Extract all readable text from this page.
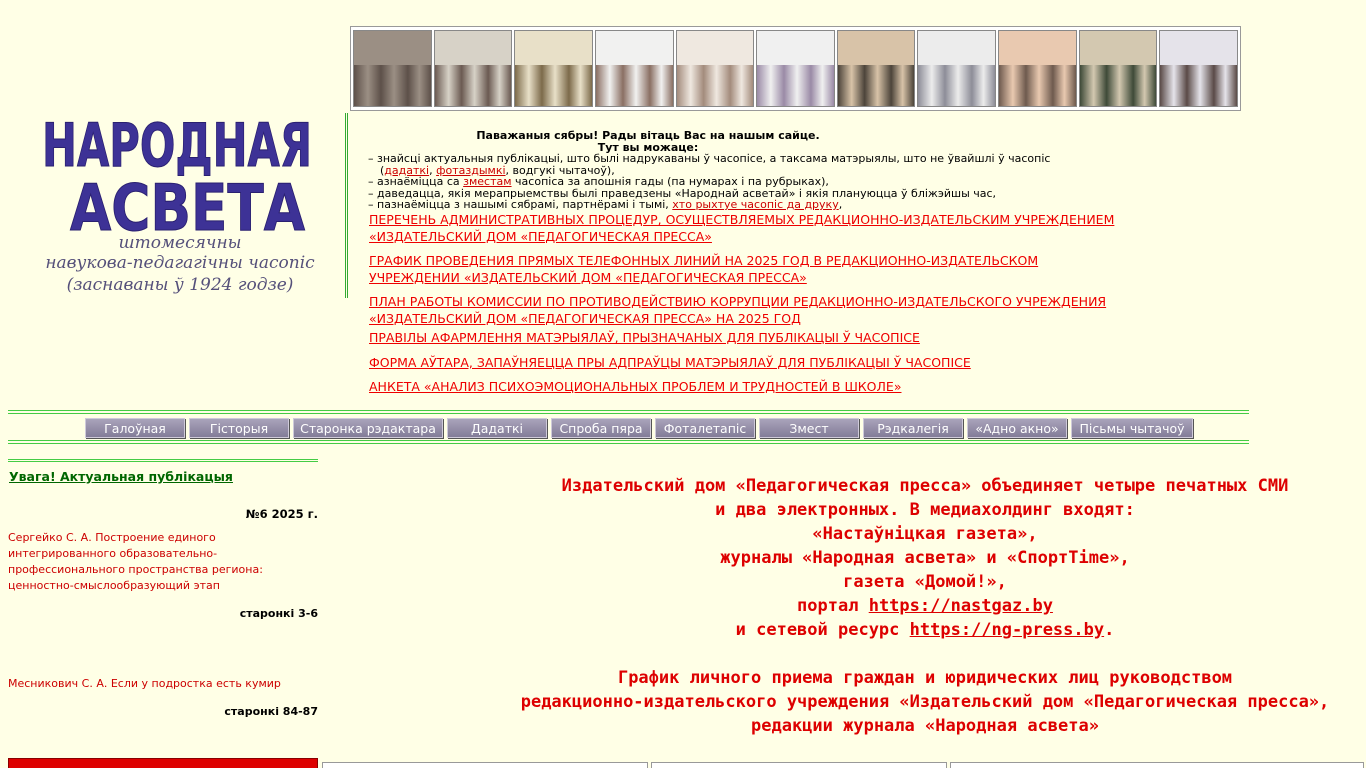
НАРОДНАЯ
АСВЕТА
штомесячны
навукова-педагагічны часопіс
(заснаваны ў 1924 годзе)
Паважаныя сябры! Рады вітаць Вас на нашым сайце. Тут вы можаце:
– знайсці актуальныя публікацыі, што былі надрукаваны ў часопісе, а таксама матэрыялы, што не ўвайшлі ў часопіс
(дадаткі, фотаздымкі, водгукі чытачоў),
– азнаёміцца са зместам часопіса за апошнія гады (па нумарах і па рубрыках),
– даведацца, якія мерапрыемствы былі праведзены «Народнай асветай» і якія плануюцца ў бліжэйшы час,
– пазнаёміцца з нашымі сябрамі, партнёрамі і тымі, хто рыхтуе часопіс да друку,
ПЕРЕЧЕНЬ АДМИНИСТРАТИВНЫХ ПРОЦЕДУР, ОСУЩЕСТВЛЯЕМЫХ РЕДАКЦИОННО-ИЗДАТЕЛЬСКИМ УЧРЕЖДЕНИЕМ «ИЗДАТЕЛЬСКИЙ ДОМ «ПЕДАГОГИЧЕСКАЯ ПРЕССА»
ГРАФИК ПРОВЕДЕНИЯ ПРЯМЫХ ТЕЛЕФОННЫХ ЛИНИЙ НА 2025 ГОД В РЕДАКЦИОННО-ИЗДАТЕЛЬСКОМ УЧРЕЖДЕНИИ «ИЗДАТЕЛЬСКИЙ ДОМ «ПЕДАГОГИЧЕСКАЯ ПРЕССА»
ПЛАН РАБОТЫ КОМИССИИ ПО ПРОТИВОДЕЙСТВИЮ КОРРУПЦИИ РЕДАКЦИОННО-ИЗДАТЕЛЬСКОГО УЧРЕЖДЕНИЯ «ИЗДАТЕЛЬСКИЙ ДОМ «ПЕДАГОГИЧЕСКАЯ ПРЕССА» НА 2025 ГОД
ПРАВІЛЫ АФАРМЛЕННЯ МАТЭРЫЯЛАЎ, ПРЫЗНАЧАНЫХ ДЛЯ ПУБЛІКАЦЫІ Ў ЧАСОПІСЕ
ФОРМА АЎТАРА, ЗАПАЎНЯЕЦЦА ПРЫ АДПРАЎЦЫ МАТЭРЫЯЛАЎ ДЛЯ ПУБЛІКАЦЫІ Ў ЧАСОПІСЕ
АНКЕТА «АНАЛИЗ ПСИХОЭМОЦИОНАЛЬНЫХ ПРОБЛЕМ И ТРУДНОСТЕЙ В ШКОЛЕ»
Галоўная	Гісторыя	Старонка рэдактара	Дадаткі	Спроба пяра	Фоталетапіс	Змест	Рэдкалегія	«Адно акно»	Пісьмы чытачоў
Увага! Актуальная публікацыя
№6 2025 г.
Сергейко С. А. Построение единого интегрированного образовательно-профессионального пространства региона: ценностно-смыслообразующий этап
старонкі 3-6
Месникович С. А. Если у подростка есть кумир
старонкі 84-87
Издательский дом «Педагогическая пресса» объединяет четыре печатных СМИ
и два электронных. В медиахолдинг входят:
«Настаўніцкая газета»,
журналы «Народная асвета» и «СпортTime»,
газета «Домой!»,
портал https://nastgaz.by
и сетевой ресурс https://ng-press.by.
График личного приема граждан и юридических лиц руководством
редакционно-издательского учреждения «Издательский дом «Педагогическая пресса»,
редакции журнала «Народная асвета»
